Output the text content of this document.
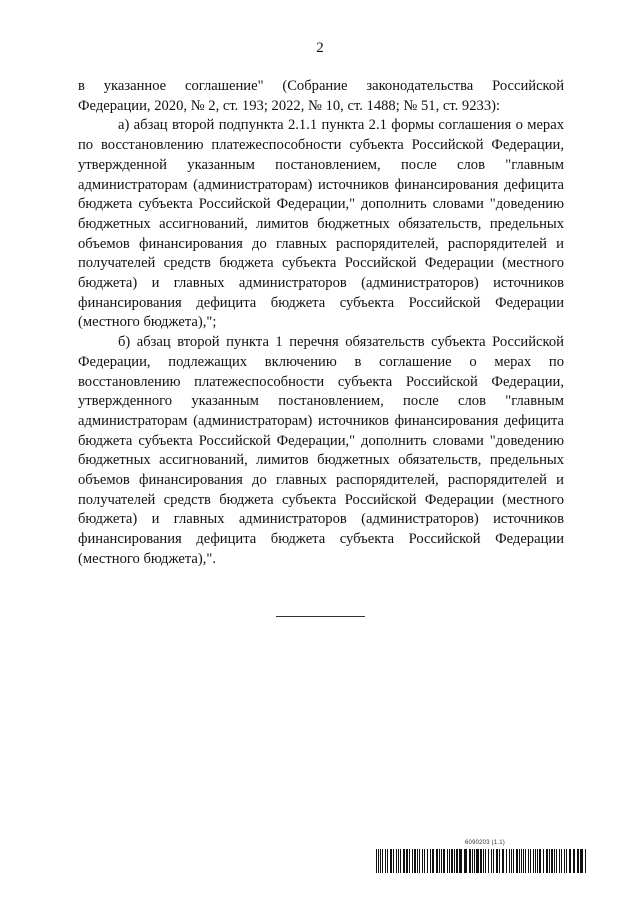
2

в указанное соглашение" (Собрание законодательства Российской Федерации, 2020, № 2, ст. 193; 2022, № 10, ст. 1488; № 51, ст. 9233):

а) абзац второй подпункта 2.1.1 пункта 2.1 формы соглашения о мерах по восстановлению платежеспособности субъекта Российской Федерации, утвержденной указанным постановлением, после слов "главным администраторам (администраторам) источников финансирования дефицита бюджета субъекта Российской Федерации," дополнить словами "доведению бюджетных ассигнований, лимитов бюджетных обязательств, предельных объемов финансирования до главных распорядителей, распорядителей и получателей средств бюджета субъекта Российской Федерации (местного бюджета) и главных администраторов (администраторов) источников финансирования дефицита бюджета субъекта Российской Федерации (местного бюджета),";

б) абзац второй пункта 1 перечня обязательств субъекта Российской Федерации, подлежащих включению в соглашение о мерах по восстановлению платежеспособности субъекта Российской Федерации, утвержденного указанным постановлением, после слов "главным администраторам (администраторам) источников финансирования дефицита бюджета субъекта Российской Федерации," дополнить словами "доведению бюджетных ассигнований, лимитов бюджетных обязательств, предельных объемов финансирования до главных распорядителей, распорядителей и получателей средств бюджета субъекта Российской Федерации (местного бюджета) и главных администраторов (администраторов) источников финансирования дефицита бюджета субъекта Российской Федерации (местного бюджета),".

6090203 (1.1)
